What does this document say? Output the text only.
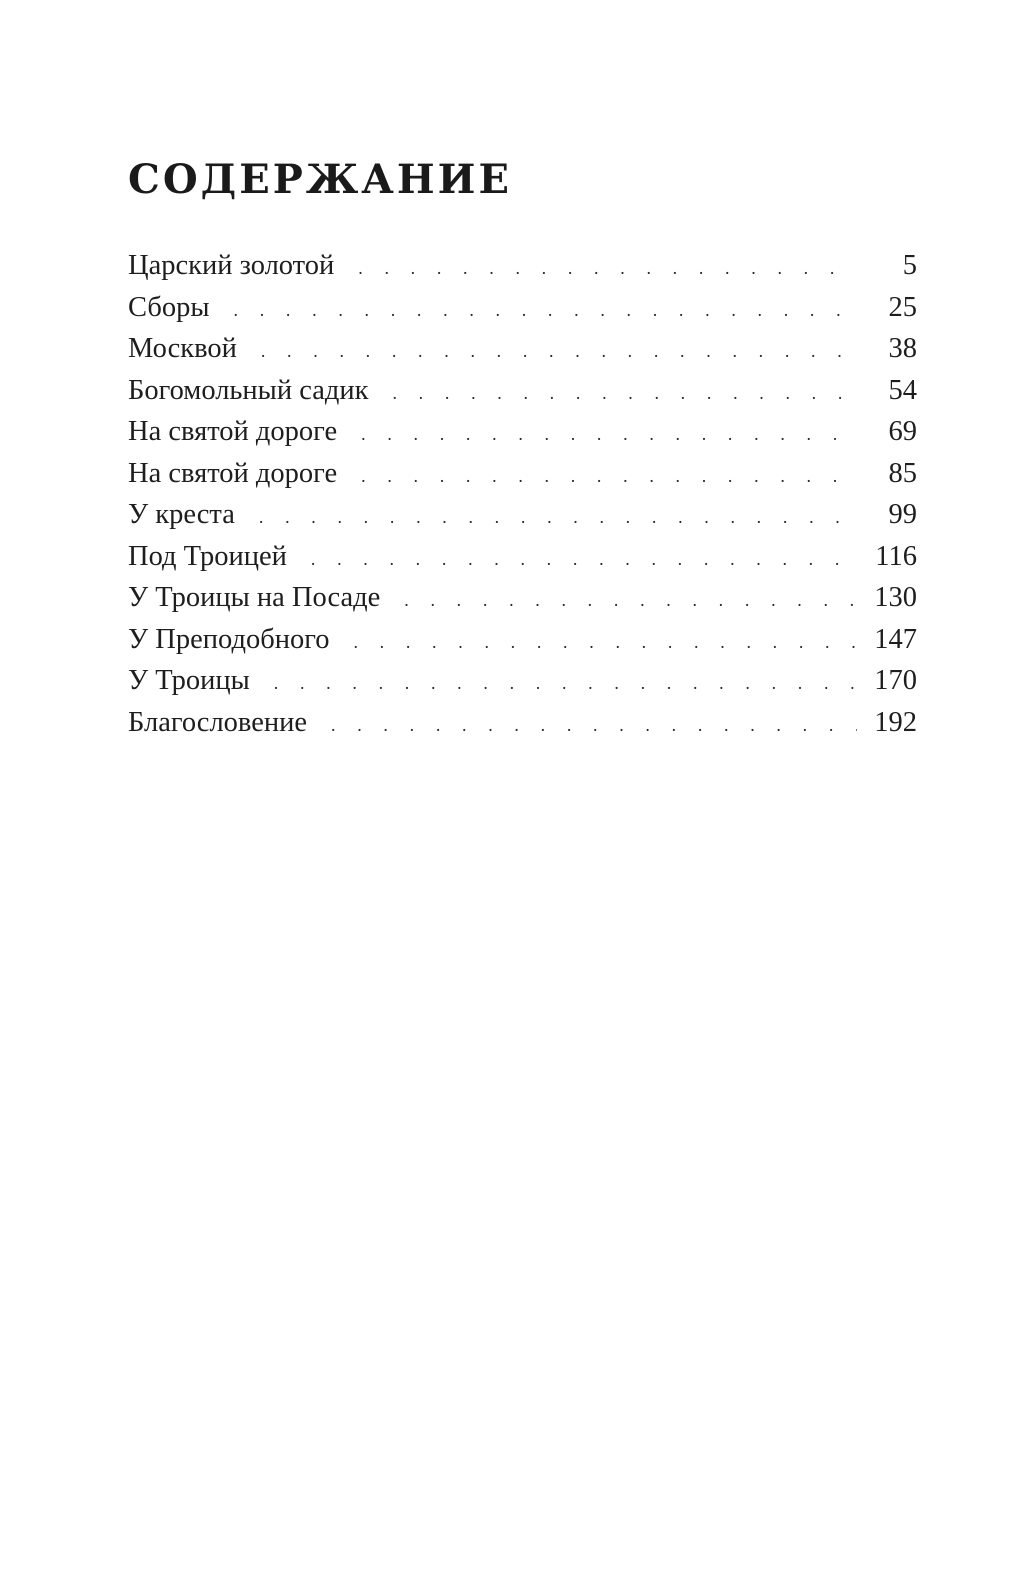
СОДЕРЖАНИЕ
Царский золотой . . .	5
Сборы . . .	25
Москвой . . .	38
Богомольный садик . . .	54
На святой дороге . . .	69
На святой дороге . . .	85
У креста . . .	99
Под Троицей . . .	116
У Троицы на Посаде . . .	130
У Преподобного . . .	147
У Троицы . . .	170
Благословение . . .	192
